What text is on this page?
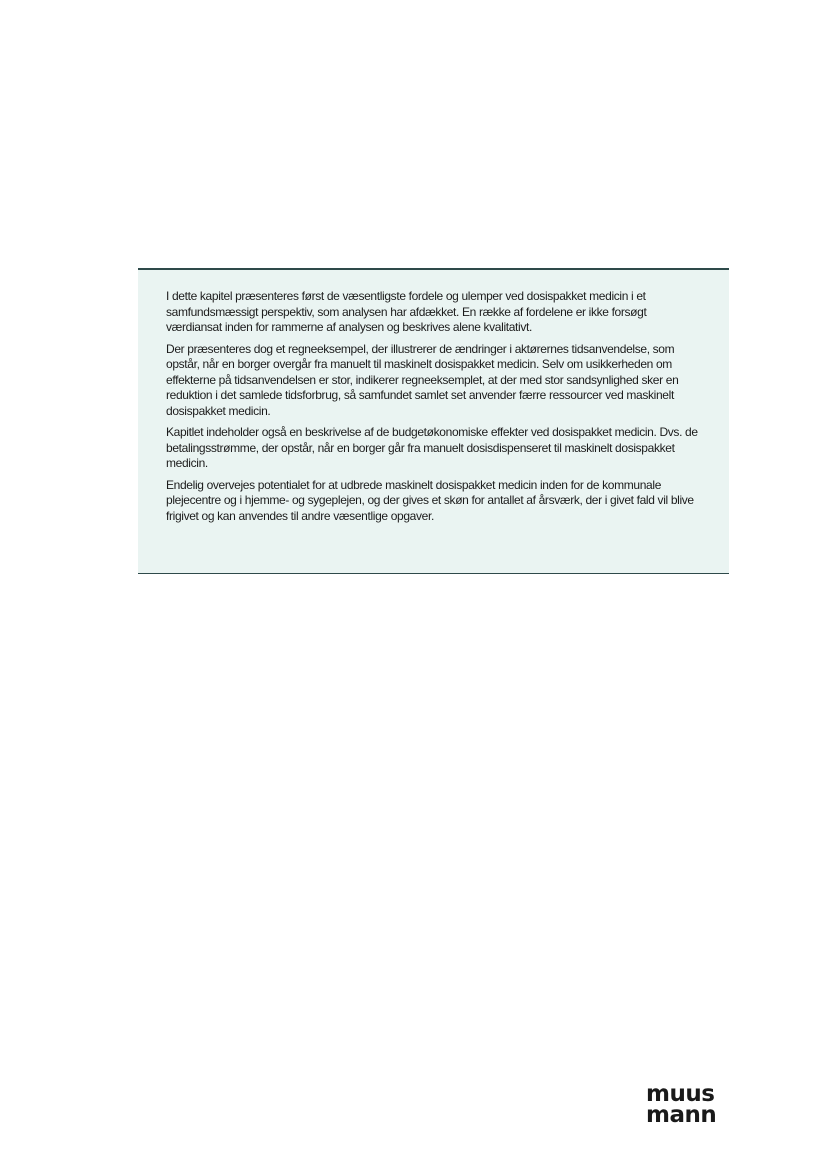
I dette kapitel præsenteres først de væsentligste fordele og ulemper ved dosispakket medicin i et samfundsmæssigt perspektiv, som analysen har afdækket. En række af fordelene er ikke forsøgt værdiansat inden for rammerne af analysen og beskrives alene kvalitativt.

Der præsenteres dog et regneeksempel, der illustrerer de ændringer i aktørernes tidsanvendelse, som opstår, når en borger overgår fra manuelt til maskinelt dosispakket medicin. Selv om usikkerheden om effekterne på tidsanvendelsen er stor, indikerer regneeksemplet, at der med stor sandsynlighed sker en reduktion i det samlede tidsforbrug, så samfundet samlet set anvender færre ressourcer ved maskinelt dosispakket medicin.

Kapitlet indeholder også en beskrivelse af de budgetøkonomiske effekter ved dosispakket medicin. Dvs. de betalingsstrømme, der opstår, når en borger går fra manuelt dosisdispenseret til maskinelt dosispakket medicin.

Endelig overvejes potentialet for at udbrede maskinelt dosispakket medicin inden for de kommunale plejecentre og i hjemme- og sygeplejen, og der gives et skøn for antallet af årsværk, der i givet fald vil blive frigivet og kan anvendes til andre væsentlige opgaver.

muus
mann
